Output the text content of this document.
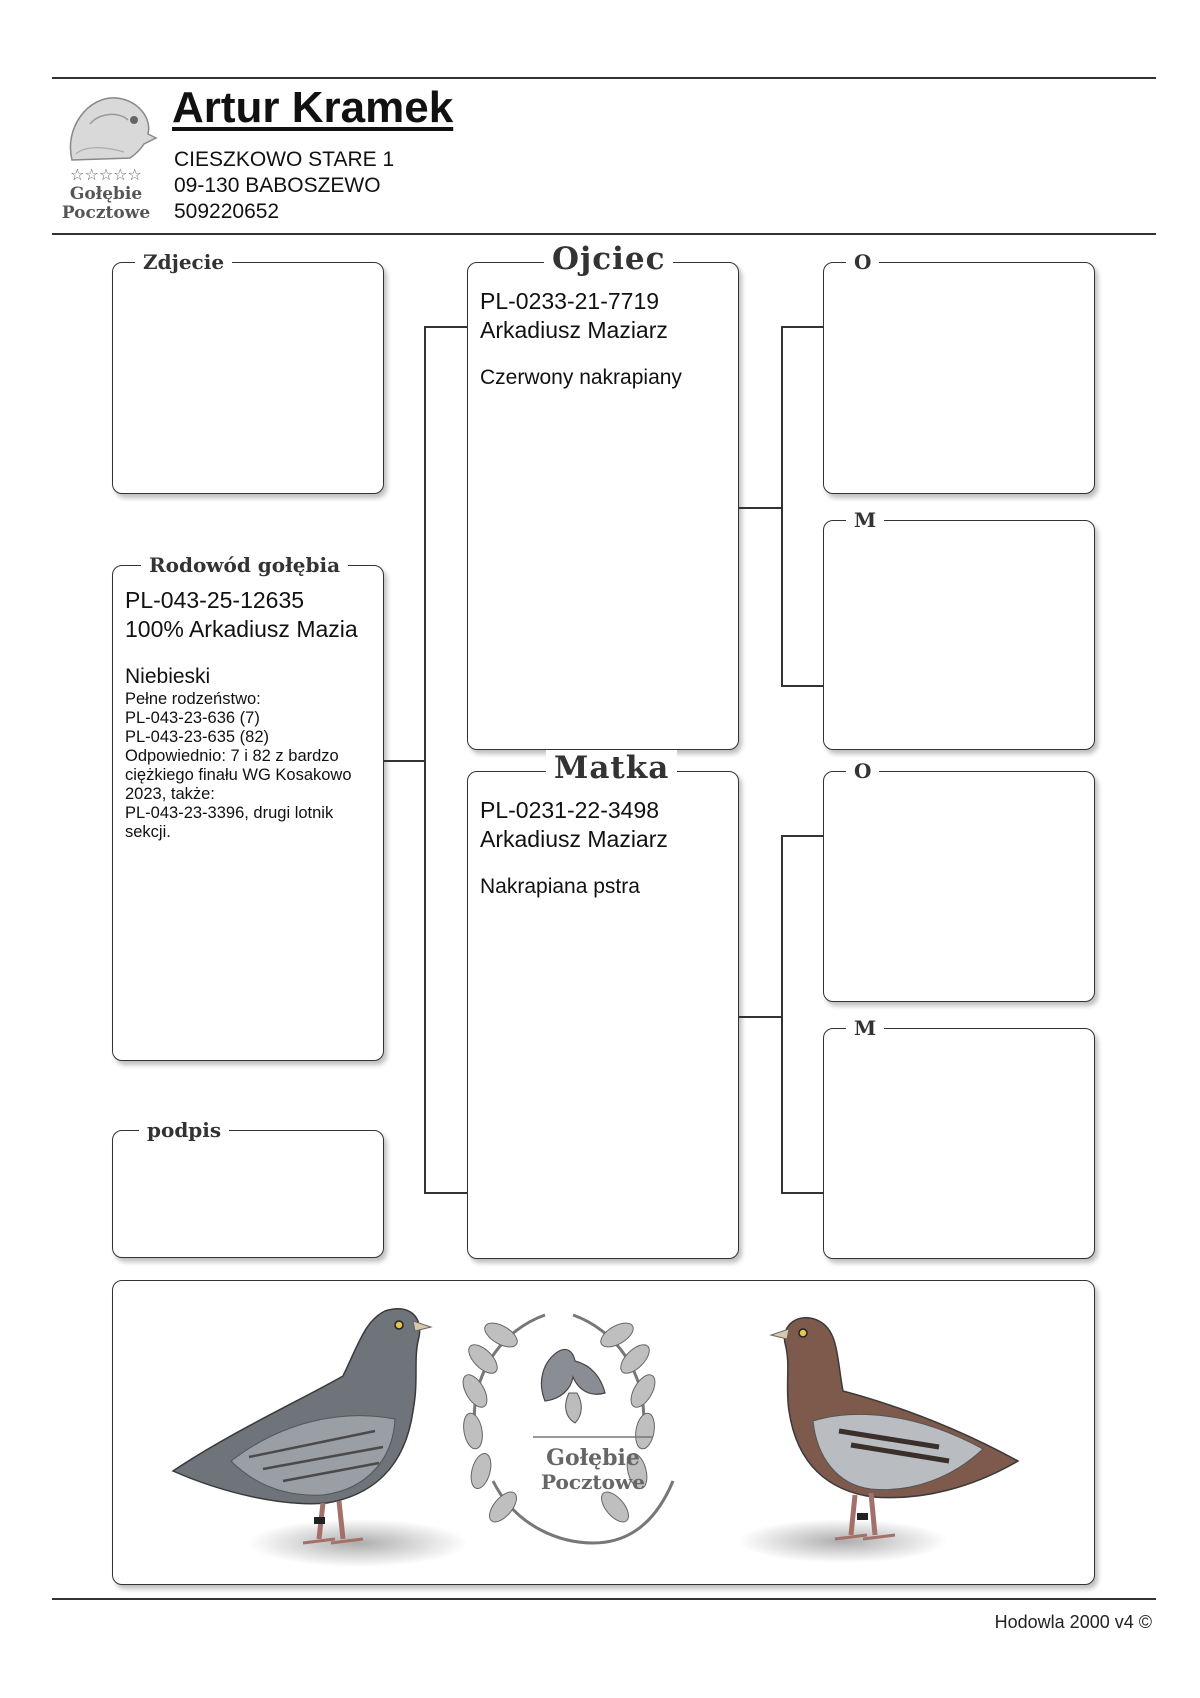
☆☆☆☆☆
Gołębie
Pocztowe
Artur Kramek
CIESZKOWO STARE 1
09-130 BABOSZEWO
509220652
Zdjecie
Rodowód gołębia
PL-043-25-12635
100% Arkadiusz Mazia
Niebieski
Pełne rodzeństwo:
PL-043-23-636 (7)
PL-043-23-635 (82)
Odpowiednio: 7 i 82 z bardzo
ciężkiego finału WG Kosakowo
2023, także:
PL-043-23-3396, drugi lotnik
sekcji.
podpis
Ojciec
PL-0233-21-7719
Arkadiusz Maziarz
Czerwony nakrapiany
Matka
PL-0231-22-3498
Arkadiusz Maziarz
Nakrapiana pstra
O
M
O
M
Gołębie
Pocztowe
Hodowla 2000 v4 ©
